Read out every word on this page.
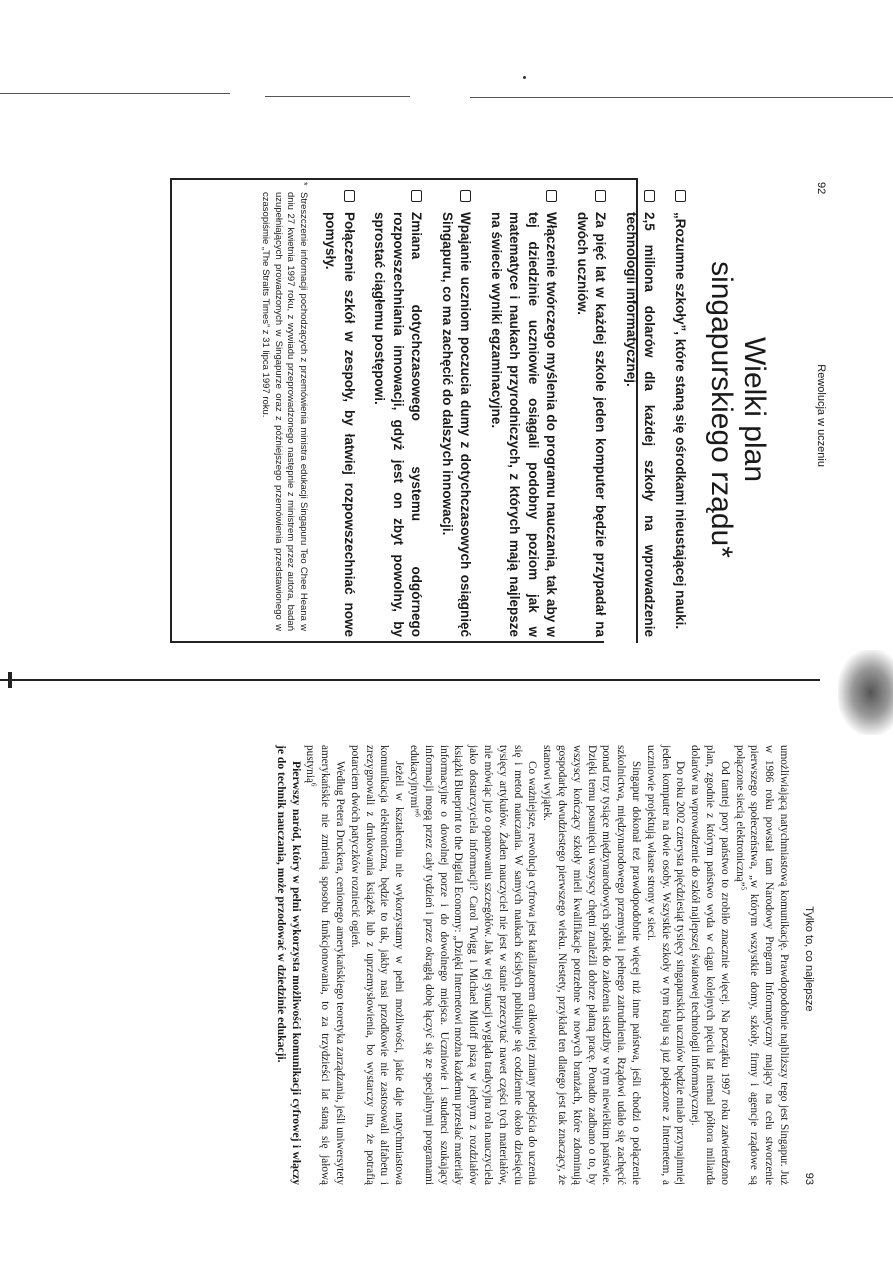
92
Rewolucja w uczeniu
Wielki plan
singapurskiego rządu*
„Rozumne szkoły”, które staną się ośrodkami nieustającej nauki.
2,5 miliona dolarów dla każdej szkoły na wprowadzenie technologii informatycznej.
Za pięć lat w każdej szkole jeden komputer będzie przypadał na dwóch uczniów.
Włączenie twórczego myślenia do programu nauczania, tak aby w tej dziedzinie uczniowie osiągali podobny poziom jak w matematyce i naukach przyrodniczych, z których mają najlepsze na świecie wyniki egzaminacyjne.
Wpajanie uczniom poczucia dumy z dotychczasowych osiągnięć Singapuru, co ma zachęcić do dalszych innowacji.
Zmiana dotychczasowego systemu odgórnego rozpowszechniania innowacji, gdyż jest on zbyt powolny, by sprostać ciągłemu postępowi.
Połączenie szkół w zespoły, by łatwiej rozpowszechniać nowe pomysły.
*
Streszczenie informacji pochodzących z przemówienia ministra edukacji Singapuru Teo Chee Heana w dniu 27 kwietnia 1997 roku, z wywiadu przeprowadzonego następnie z ministrem przez autora, badań uzupełniających prowadzonych w Singapurze oraz z późniejszego przemówienia przedstawionego w czasopiśmie „The Straits Times” z 31 lipca 1997 roku.
Tylko to, co najlepsze
93

umożliwiającą natychmiastową komunikację. Prawdopodobnie najbliższy tego jest Singapur. Już w 1986 roku powstał tam Narodowy Program Informatyczny mający na celu stworzenie pierwszego społeczeństwa, „w którym wszystkie domy, szkoły, firmy i agencje rządowe są połączone siecią elektroniczną”$^5$

Od tamtej pory państwo to zrobiło znacznie więcej. Na początku 1997 roku zatwierdzono plan, zgodnie z którym państwo wyda w ciągu kolejnych pięciu lat niemal półtora miliarda dolarów na wprowadzenie do szkół najlepszej światowej technologii informatycznej.

Do roku 2002 czterysta pięćdziesiąt tysięcy singapurskich uczniów będzie miało przynajmniej jeden komputer na dwie osoby. Wszystkie szkoły w tym kraju są już połączone z Internetem, a uczniowie projektują własne strony w sieci.

Singapur dokonał też prawdopodobnie więcej niż inne państwa, jeśli chodzi o połączenie szkolnictwa, międzynarodowego przemysłu i pełnego zatrudnienia. Rządowi udało się zachęcić ponad trzy tysiące międzynarodowych spółek do założenia siedziby w tym niewielkim państwie. Dzięki temu posunięciu wszyscy chętni znaleźli dobrze płatną pracę. Ponadto zadbano o to, by wszyscy kończący szkoły mieli kwalifikacje potrzebne w nowych branżach, które zdominują gospodarkę dwudziestego pierwszego wieku. Niestety, przykład ten dlatego jest tak znaczący, że stanowi wyjątek.

Co ważniejsze, rewolucja cyfrowa jest katalizatorem całkowitej zmiany podejścia do uczenia się i metod nauczania. W samych naukach ścisłych publikuje się codziennie około dziesięciu tysięcy artykułów. Żaden nauczyciel nie jest w stanie przeczytać nawet części tych materiałów, nie mówiąc już o opanowaniu szczegółów. Jak w tej sytuacji wygląda tradycyjna rola nauczyciela jako dostarczyciela informacji? Carol Twigg i Michael Miloff piszą w jednym z rozdziałów książki Blueprint to the Digital Economy: „Dzięki Internetowi można każdemu przesłać materiały informacyjne o dowolnej porze i do dowolnego miejsca. Uczniowie i studenci szukający informacji mogą przez cały tydzień i przez okrągłą dobę łączyć się ze specjalnymi programami edukacyjnymi”$^6$

Jeżeli w kształceniu nie wykorzystamy w pełni możliwości, jakie daje natychmiastowa komunikacja elektroniczna, będzie to tak, jakby nasi przodkowie nie zastosowali alfabetu i zrezygnowali z drukowania książek lub z uprzemysłowienia, bo wystarczy im, że potrafią potarciem dwóch patyczków rozniecić ogień.

Według Petera Druckera, cenionego amerykańskiego teoretyka zarządzania, jeśli uniwersytety amerykańskie nie zmienią sposobu funkcjonowania, to za trzydzieści lat staną się jałową pustynią$^6$

Pierwszy naród, który w pełni wykorzysta możliwości komunikacji cyfrowej i włączy je do technik nauczania, może przodować w dziedzinie edukacji.
